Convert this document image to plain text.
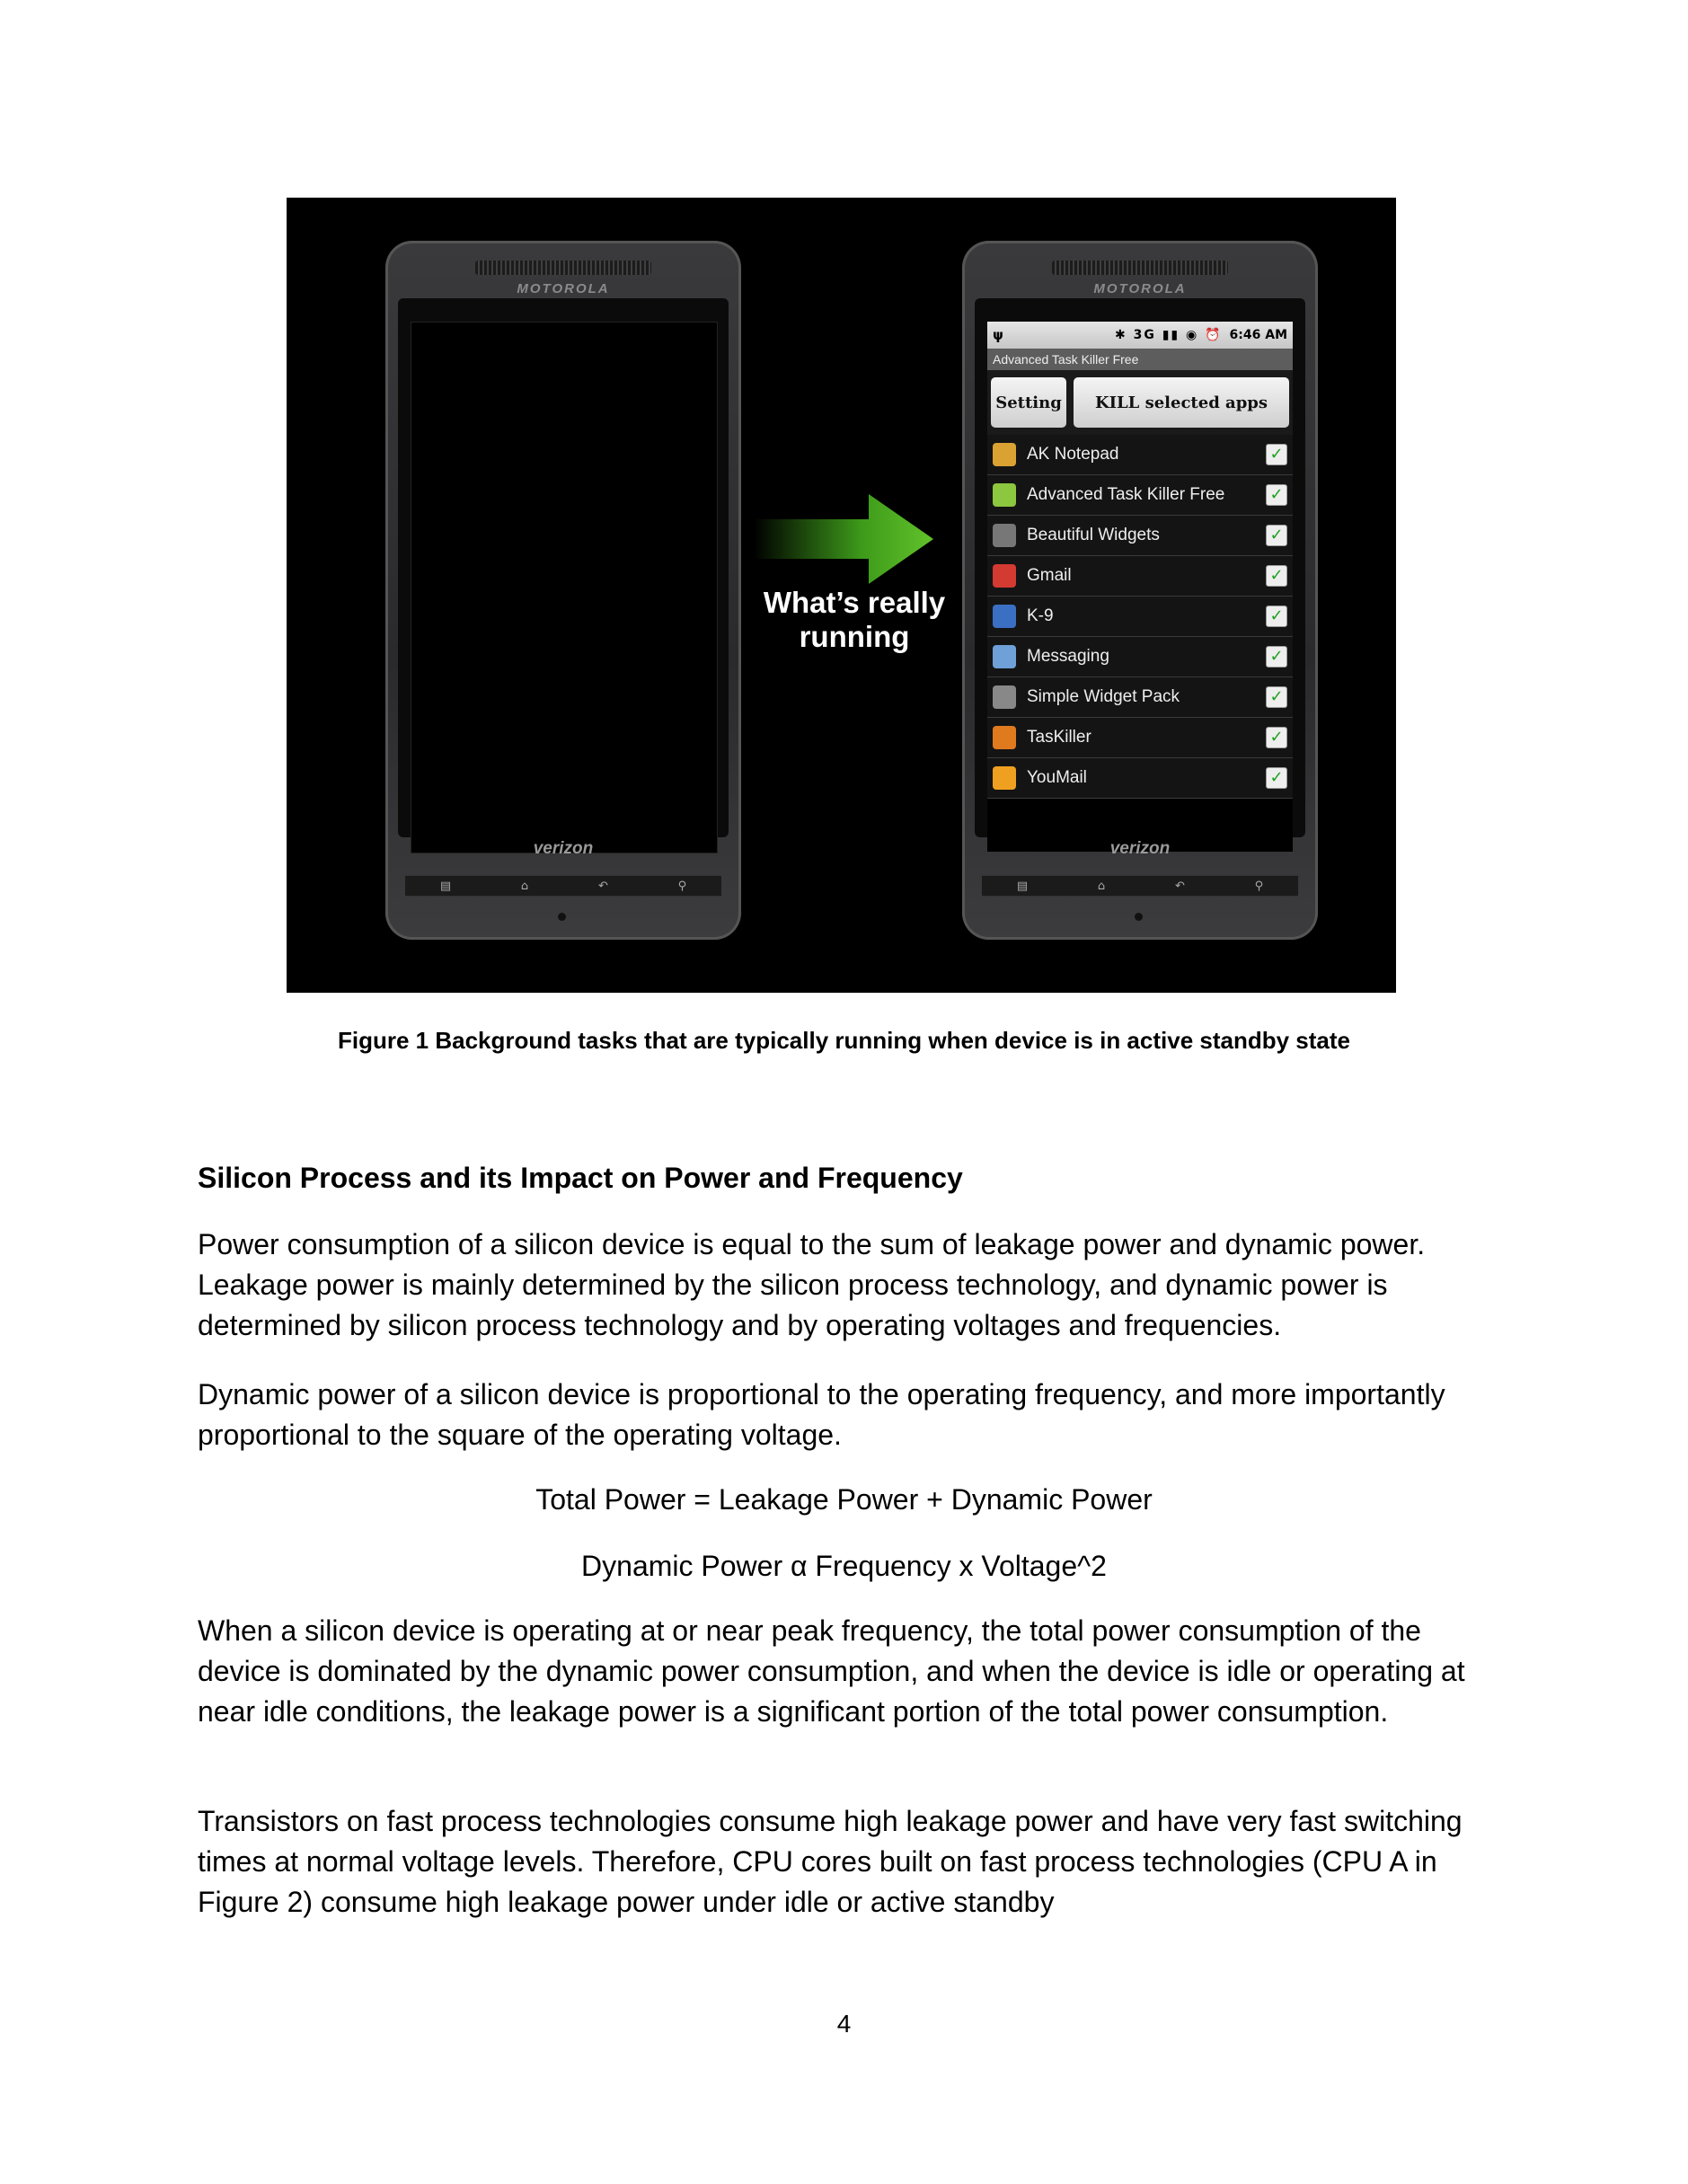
MOTOROLA
verizon
▤	⌂	↶	⚲
What’s really running
MOTOROLA
ψ	✱ 3G ▮▮ ◉ ⏰ 6:46 AM
Advanced Task Killer Free
Setting	KILL selected apps
AK Notepad	✓
Advanced Task Killer Free	✓
Beautiful Widgets	✓
Gmail	✓
K-9	✓
Messaging	✓
Simple Widget Pack	✓
TasKiller	✓
YouMail	✓
verizon
▤	⌂	↶	⚲
Figure 1 Background tasks that are typically running when device is in active standby state
Silicon Process and its Impact on Power and Frequency

Power consumption of a silicon device is equal to the sum of leakage power and dynamic power. Leakage power is mainly determined by the silicon process technology, and dynamic power is determined by silicon process technology and by operating voltages and frequencies.

Dynamic power of a silicon device is proportional to the operating frequency, and more importantly proportional to the square of the operating voltage.

Total Power = Leakage Power + Dynamic Power
Dynamic Power α Frequency x Voltage^2

When a silicon device is operating at or near peak frequency, the total power consumption of the device is dominated by the dynamic power consumption, and when the device is idle or operating at near idle conditions, the leakage power is a significant portion of the total power consumption.

Transistors on fast process technologies consume high leakage power and have very fast switching times at normal voltage levels. Therefore, CPU cores built on fast process technologies (CPU A in Figure 2) consume high leakage power under idle or active standby

4
